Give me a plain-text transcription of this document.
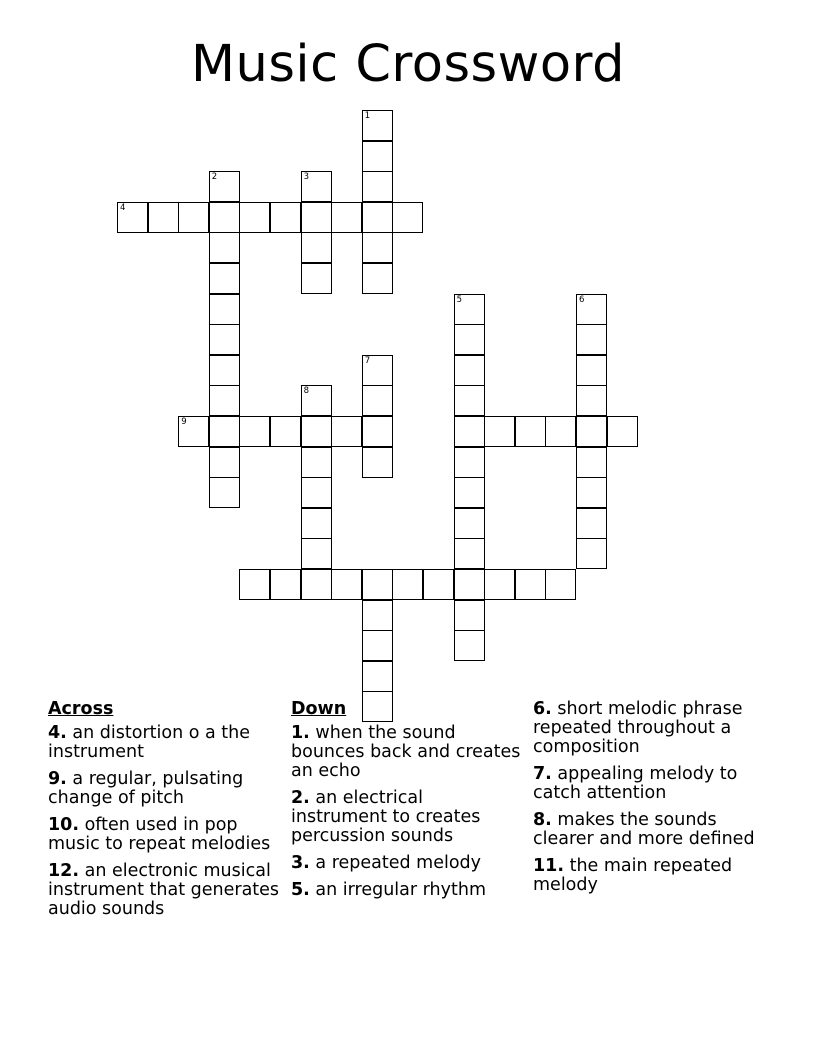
Music Crossword
1
2	3
4
5	6
7
8
9
Across
4. an distortion o a the instrument
9. a regular, pulsating change of pitch
10. often used in pop music to repeat melodies
12. an electronic musical instrument that generates audio sounds
Down
1. when the sound bounces back and creates an echo
2. an electrical instrument to creates percussion sounds
3. a repeated melody
5. an irregular rhythm
6. short melodic phrase repeated throughout a composition
7. appealing melody to catch attention
8. makes the sounds clearer and more defined
11. the main repeated melody
